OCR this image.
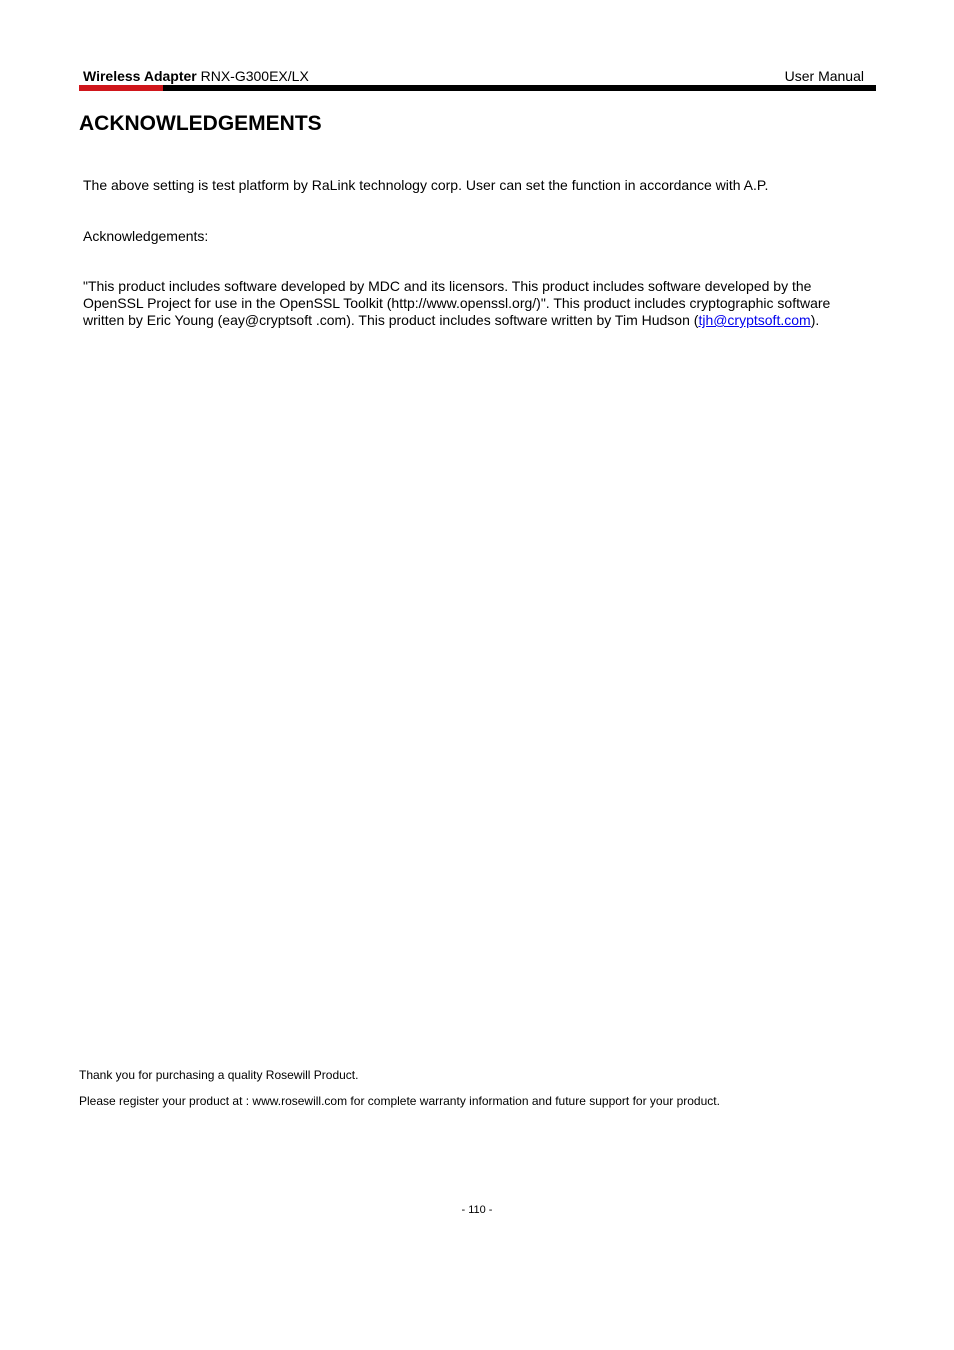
Wireless Adapter RNX-G300EX/LX	User Manual
ACKNOWLEDGEMENTS

The above setting is test platform by RaLink technology corp. User can set the function in accordance with A.P.

Acknowledgements:

"This product includes software developed by MDC and its licensors. This product includes software developed by the
OpenSSL Project for use in the OpenSSL Toolkit (http://www.openssl.org/)". This product includes cryptographic software
written by Eric Young (eay@cryptsoft .com). This product includes software written by Tim Hudson (tjh@cryptsoft.com).

Thank you for purchasing a quality Rosewill Product.

Please register your product at : www.rosewill.com for complete warranty information and future support for your product.

- 110 -
